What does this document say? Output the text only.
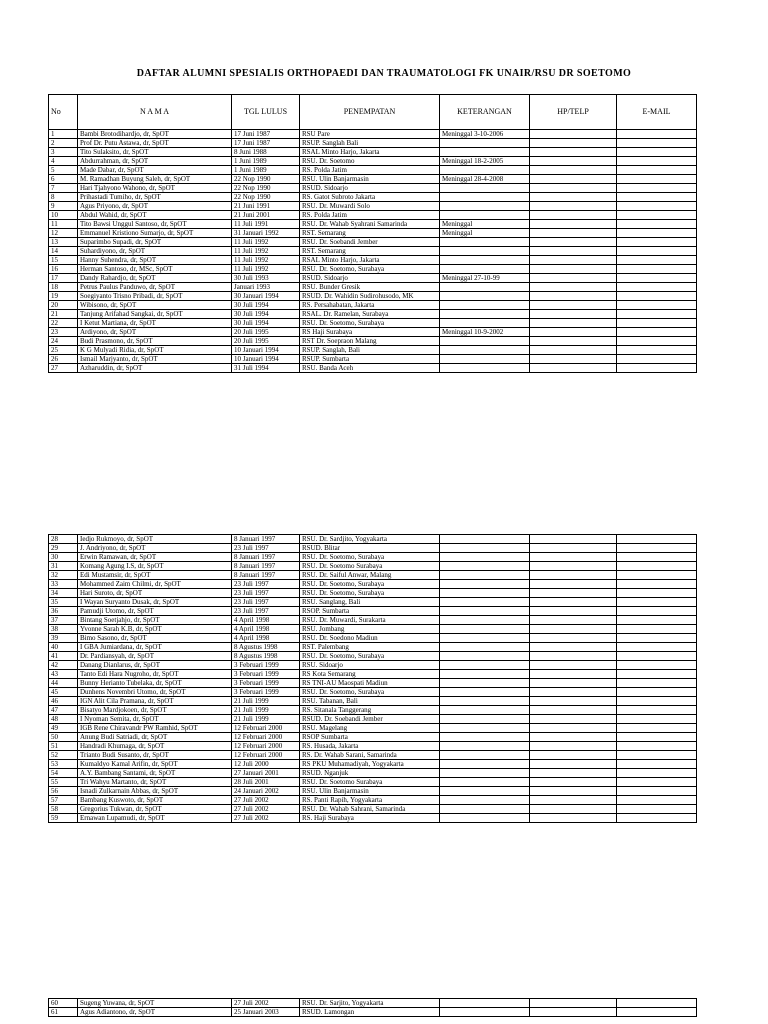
DAFTAR ALUMNI SPESIALIS ORTHOPAEDI DAN TRAUMATOLOGI FK UNAIR/RSU DR SOETOMO
No	N A M A	TGL LULUS	PENEMPATAN	KETERANGAN	HP/TELP	E-MAIL
1	Bambi Brotodihardjo, dr, SpOT	17 Juni 1987	RSU Pare	Meninggal 3-10-2006		
2	Prof Dr. Putu Astawa, dr, SpOT	17 Juni 1987	RSUP. Sanglah Bali			
3	Tito Sulaksito, dr, SpOT	8 Juni 1988	RSAL Minto Harjo, Jakarta			
4	Abdurrahman, dr, SpOT	1 Juni 1989	RSU. Dr. Soetomo	Meninggal 18-2-2005		
5	Made Dabar, dr, SpOT	1 Juni 1989	RS. Polda Jatim			
6	M. Ramadhan Buyung Saleh, dr, SpOT	22 Nop 1990	RSU. Ulin Banjarmasin	Meninggal 28-4-2008		
7	Hari Tjahyono Wahono, dr, SpOT	22 Nop 1990	RSUD. Sidoarjo			
8	Prihastadi Tumiho, dr, SpOT	22 Nop 1990	RS. Gatot Subroto Jakarta			
9	Agus Priyono, dr, SpOT	21 Juni 1991	RSU. Dr. Muwardi Solo			
10	Abdul Wahid, dr, SpOT	21 Juni 2001	RS. Polda Jatim			
11	Tito Bawsi Unggul Santoso, dr, SpOT	11 Juli 1991	RSU. Dr. Wahab Syahrani Samarinda	Meninggal		
12	Emmanuel Kristiono Sumarjo, dr, SpOT	31 Januari 1992	RST. Semarang	Meninggal		
13	Suparimbo Supadi, dr, SpOT	11 Juli 1992	RSU. Dr. Soebandi Jember			
14	Suhardiyono, dr, SpOT	11 Juli 1992	RST. Semarang			
15	Hanny Suhendra, dr, SpOT	11 Juli 1992	RSAL Minto Harjo, Jakarta			
16	Herman Santoso, dr, MSc, SpOT	11 Juli 1992	RSU. Dr. Soetomo, Surabaya			
17	Dandy Rahardjo, dr, SpOT	30 Juli 1993	RSUD. Sidoarjo	Meninggal 27-10-99		
18	Petrus Paulus Panduwo, dr, SpOT	Januari 1993	RSU. Bunder Gresik			
19	Soegiyanto Trisno Pribadi, dr, SpOT	30 Januari 1994	RSUD. Dr. Wahidin Sudirohusodo, MK			
20	Wibisono, dr, SpOT	30 Juli 1994	RS. Persahabatan, Jakarta			
21	Tanjung Arifahad Sangkai, dr, SpOT	30 Juli 1994	RSAL. Dr. Ramelan, Surabaya			
22	I Ketut Martiana, dr, SpOT	30 Juli 1994	RSU. Dr. Soetomo, Surabaya			
23	Ardiyono, dr, SpOT	20 Juli 1995	RS Haji Surabaya	Meninggal 10-9-2002		
24	Budi Prasmono, dr, SpOT	20 Juli 1995	RST Dr. Soepraon Malang			
25	K G Mulyadi Ridia, dr, SpOT	10 Januari 1994	RSUP. Sanglah, Bali			
26	Ismail Marjyanto, dr, SpOT	10 Januari 1994	RSUP. Sumbarta			
27	Azharuddin, dr, SpOT	31 Juli 1994	RSU. Banda Aceh			
28	Iedjo Rukmoyo, dr, SpOT	8 Januari 1997	RSU. Dr. Sardjito, Yogyakarta			
29	J. Andriyono, dr, SpOT	23 Juli 1997	RSUD. Blitar			
30	Erwin Ramawan, dr, SpOT	8 Januari 1997	RSU. Dr. Soetomo, Surabaya			
31	Komang Agung I.S, dr, SpOT	8 Januari 1997	RSU. Dr. Soetomo Surabaya			
32	Edi Mustamsir, dr, SpOT	8 Januari 1997	RSU. Dr. Saiful Anwar, Malang			
33	Mohammed Zaim Chilmi, dr, SpOT	23 Juli 1997	RSU. Dr. Soetomo, Surabaya			
34	Hari Suroto, dr, SpOT	23 Juli 1997	RSU. Dr. Soetomo, Surabaya			
35	I Wayan Suryanto Dusak, dr, SpOT	23 Juli 1997	RSU. Sanglang, Bali			
36	Pamudji Utomo, dr, SpOT	23 Juli 1997	RSOP. Sumbarta			
37	Bintang Soetjahjo, dr, SpOT	4 April 1998	RSU. Dr. Muwardi, Surakarta			
38	Yvonne Sarah K.B, dr, SpOT	4 April 1998	RSU. Jombang			
39	Bimo Sasono, dr, SpOT	4 April 1998	RSU. Dr. Soedono Madiun			
40	I GBA Jumiardana, dr, SpOT	8 Agustus 1998	RST. Palembang			
41	Dr. Pardiansyah, dr, SpOT	8 Agustus 1998	RSU. Dr. Soetomo, Surabaya			
42	Danang Dianlarus, dr, SpOT	3 Februari 1999	RSU. Sidoarjo			
43	Tanto Edi Hara Nugroho, dr, SpOT	3 Februari 1999	RS Kota Semarang			
44	Bunny Herianto Tubelaka, dr, SpOT	3 Februari 1999	RS TNI-AU Maospati Madiun			
45	Dunhens Novembri Utomo, dr, SpOT	3 Februari 1999	RSU. Dr. Soetomo, Surabaya			
46	IGN Alit Cila Pramana, dr, SpOT	21 Juli 1999	RSU. Tabanan, Bali			
47	Bisatyo Mardjokoen, dr, SpOT	21 Juli 1999	RS. Sitanala Tanggerang			
48	I Nyoman Semita, dr, SpOT	21 Juli 1999	RSUD. Dr. Soebandi Jember			
49	IGB Rene Chiravandr PW Ramhid, SpOT	12 Februari 2000	RSU. Magelang			
50	Anung Budi Satriadi, dr, SpOT	12 Februari 2000	RSOP Sumbarta			
51	Handradi Khumaga, dr, SpOT	12 Februari 2000	RS. Husada, Jakarta			
52	Trianto Budi Susanto, dr, SpOT	12 Februari 2000	RS. Dr. Wahab Sarani, Samarinda			
53	Kumaldyo Kamal Arifin, dr, SpOT	12 Juli 2000	RS PKU Muhamadiyah, Yogyakarta			
54	A.Y. Bambang Santami, dr, SpOT	27 Januari 2001	RSUD. Nganjuk			
55	Tri Wahyu Martanto, dr, SpOT	28 Juli 2001	RSU. Dr. Soetomo Surabaya			
56	Isnadi Zulkarnain Abbas, dr, SpOT	24 Januari 2002	RSU. Ulin Banjarmasin			
57	Bambang Kuswoto, dr, SpOT	27 Juli 2002	RS. Panti Rapih, Yogyakarta			
58	Gregorius Tukwan, dr, SpOT	27 Juli 2002	RSU. Dr. Wahab Sahrani, Samarinda			
59	Ernawan Lupamudi, dr, SpOT	27 Juli 2002	RS. Haji Surabaya			
60	Sugeng Yuwana, dr, SpOT	27 Juli 2002	RSU. Dr. Sarjito, Yogyakarta			
61	Agus Adiantono, dr, SpOT	25 Januari 2003	RSUD. Lamongan			
